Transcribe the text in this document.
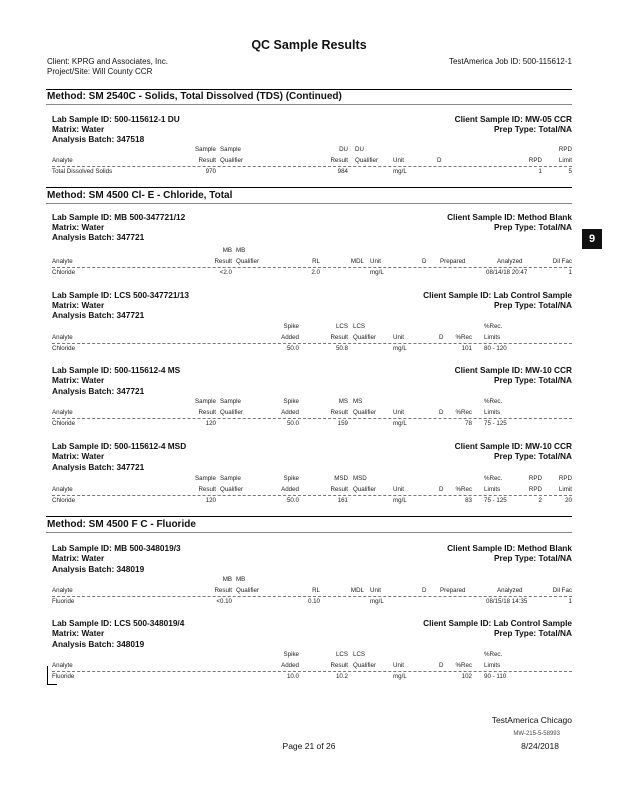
QC Sample Results
Client: KPRG and Associates, Inc.
Project/Site: Will County CCR
TestAmerica Job ID: 500-115612-1
9
Method: SM 2540C - Solids, Total Dissolved (TDS) (Continued)
Lab Sample ID: 500-115612-1 DU
Matrix: Water
Analysis Batch: 347518
Client Sample ID: MW-05 CCR
Prep Type: Total/NA
Sample
Result
Sample
Qualifier
DU
Result
DU
Qualifier Unit	D	RPD
RPD
Limit
Analyte
Total Dissolved Solids	970	984	mg/L	1	5
Method: SM 4500 Cl- E - Chloride, Total
Lab Sample ID: MB 500-347721/12
Matrix: Water
Analysis Batch: 347721
Client Sample ID: Method Blank
Prep Type: Total/NA
MB
Result
MB
Qualifier	RL	MDL Unit	D Prepared	Analyzed	Dil Fac
Analyte
Chloride	<2.0	2.0	mg/L	08/14/18 20:47	1
Lab Sample ID: LCS 500-347721/13
Matrix: Water
Analysis Batch: 347721
Client Sample ID: Lab Control Sample
Prep Type: Total/NA
Spike
Added
LCS
Result
LCS
Qualifier	Unit	D %Rec
%Rec.
Limits
Analyte
Chloride	50.0	50.8	mg/L	101 80 - 120
Lab Sample ID: 500-115612-4 MS
Matrix: Water
Analysis Batch: 347721
Client Sample ID: MW-10 CCR
Prep Type: Total/NA
Sample
Result
Sample
Qualifier
Spike
Added
MS
Result
MS
Qualifier	Unit	D %Rec
%Rec.
Limits
Analyte
Chloride	120	50.0	159	mg/L	78 75 - 125
Lab Sample ID: 500-115612-4 MSD
Matrix: Water
Analysis Batch: 347721
Client Sample ID: MW-10 CCR
Prep Type: Total/NA
Sample
Result
Sample
Qualifier
Spike
Added
MSD
Result
MSD
Qualifier	Unit	D %Rec
%Rec.
Limits
RPD
RPD
RPD
Limit
Analyte
Chloride	120	50.0	161	mg/L	83 75 - 125	2	20
Method: SM 4500 F C - Fluoride
Lab Sample ID: MB 500-348019/3
Matrix: Water
Analysis Batch: 348019
Client Sample ID: Method Blank
Prep Type: Total/NA
MB
Result
MB
Qualifier	RL	MDL Unit	D Prepared	Analyzed	Dil Fac
Analyte
Fluoride	<0.10	0.10	mg/L	08/15/18 14:35	1
Lab Sample ID: LCS 500-348019/4
Matrix: Water
Analysis Batch: 348019
Client Sample ID: Lab Control Sample
Prep Type: Total/NA
Spike
Added
LCS
Result
LCS
Qualifier	Unit	D %Rec
%Rec.
Limits
Analyte
Fluoride	10.0	10.2	mg/L	102 90 - 110
TestAmerica Chicago
MW-215-5-58993
Page 21 of 26	8/24/2018
